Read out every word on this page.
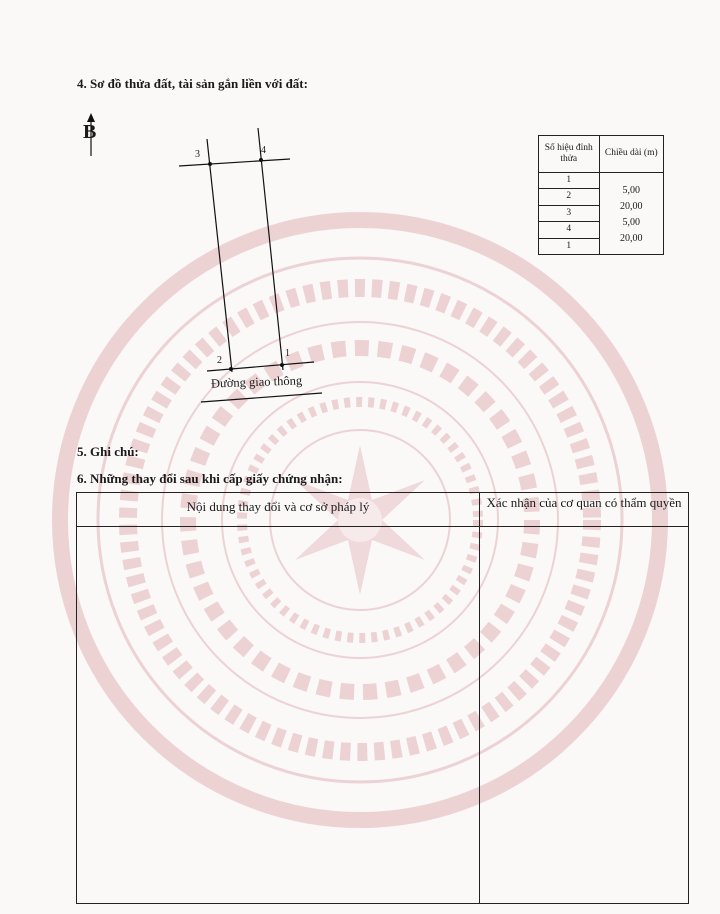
4. Sơ đồ thửa đất, tài sản gắn liền với đất:
B
3	4
2
1
Đường giao thông
Số hiệu đỉnh thửa
Chiều dài (m)
1
2
3
4
1
5,00
20,00
5,00
20,00
5. Ghi chú:
6. Những thay đổi sau khi cấp giấy chứng nhận:
Nội dung thay đổi và cơ sở pháp lý	Xác nhận của cơ quan có thẩm quyền
